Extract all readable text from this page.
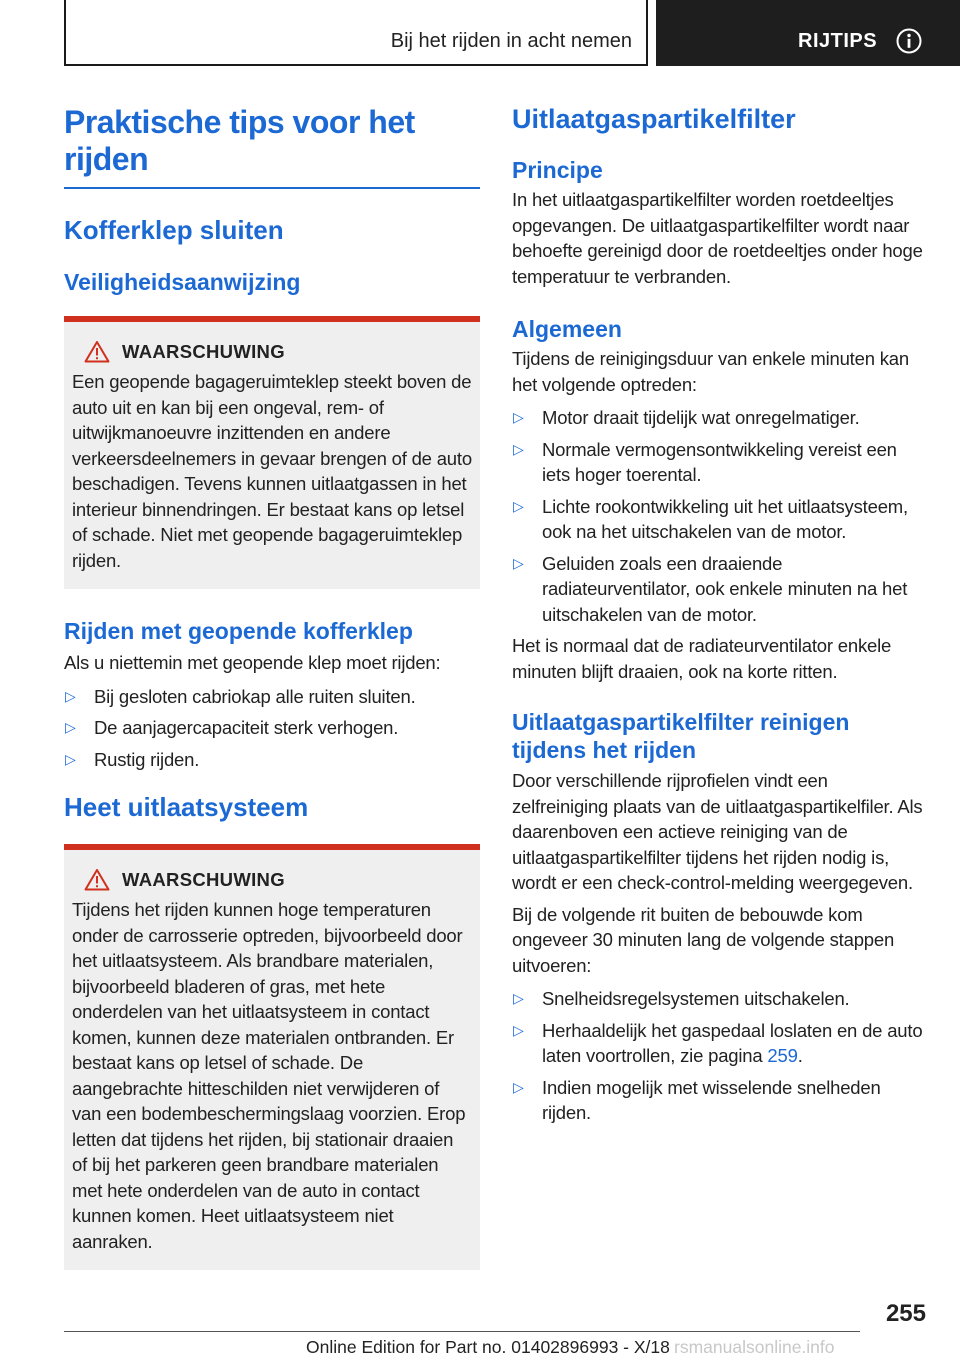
Bij het rijden in acht nemen	RIJTIPS
Praktische tips voor het rijden
Kofferklep sluiten
Veiligheidsaanwijzing
WAARSCHUWING
Een geopende bagageruimteklep steekt boven de auto uit en kan bij een ongeval, rem- of uitwijkmanoeuvre inzittenden en andere verkeersdeelnemers in gevaar brengen of de auto beschadigen. Tevens kunnen uitlaatgassen in het interieur binnendringen. Er bestaat kans op letsel of schade. Niet met geopende bagageruimteklep rijden.
Rijden met geopende kofferklep
Als u niettemin met geopende klep moet rijden:
▷ Bij gesloten cabriokap alle ruiten sluiten.
▷ De aanjagercapaciteit sterk verhogen.
▷ Rustig rijden.
Heet uitlaatsysteem
WAARSCHUWING
Tijdens het rijden kunnen hoge temperaturen onder de carrosserie optreden, bijvoorbeeld door het uitlaatsysteem. Als brandbare materialen, bijvoorbeeld bladeren of gras, met hete onderdelen van het uitlaatsysteem in contact komen, kunnen deze materialen ontbranden. Er bestaat kans op letsel of schade. De aangebrachte hitteschilden niet verwijderen of van een bodembeschermingslaag voorzien. Erop letten dat tijdens het rijden, bij stationair draaien of bij het parkeren geen brandbare materialen met hete onderdelen van de auto in contact kunnen komen. Heet uitlaatsysteem niet aanraken.
Uitlaatgaspartikelfilter
Principe
In het uitlaatgaspartikelfilter worden roetdeeltjes opgevangen. De uitlaatgaspartikelfilter wordt naar behoefte gereinigd door de roetdeeltjes onder hoge temperatuur te verbranden.
Algemeen
Tijdens de reinigingsduur van enkele minuten kan het volgende optreden:
▷ Motor draait tijdelijk wat onregelmatiger.
▷ Normale vermogensontwikkeling vereist een iets hoger toerental.
▷ Lichte rookontwikkeling uit het uitlaatsysteem, ook na het uitschakelen van de motor.
▷ Geluiden zoals een draaiende radiateurventilator, ook enkele minuten na het uitschakelen van de motor.
Het is normaal dat de radiateurventilator enkele minuten blijft draaien, ook na korte ritten.
Uitlaatgaspartikelfilter reinigen tijdens het rijden
Door verschillende rijprofielen vindt een zelfreiniging plaats van de uitlaatgaspartikelfiler. Als daarenboven een actieve reiniging van de uitlaatgaspartikelfilter tijdens het rijden nodig is, wordt er een check-control-melding weergegeven.
Bij de volgende rit buiten de bebouwde kom ongeveer 30 minuten lang de volgende stappen uitvoeren:
▷ Snelheidsregelsystemen uitschakelen.
▷ Herhaaldelijk het gaspedaal loslaten en de auto laten voortrollen, zie pagina 259.
▷ Indien mogelijk met wisselende snelheden rijden.
255
Online Edition for Part no. 01402896993 - X/18 rsmanualsonline.info
